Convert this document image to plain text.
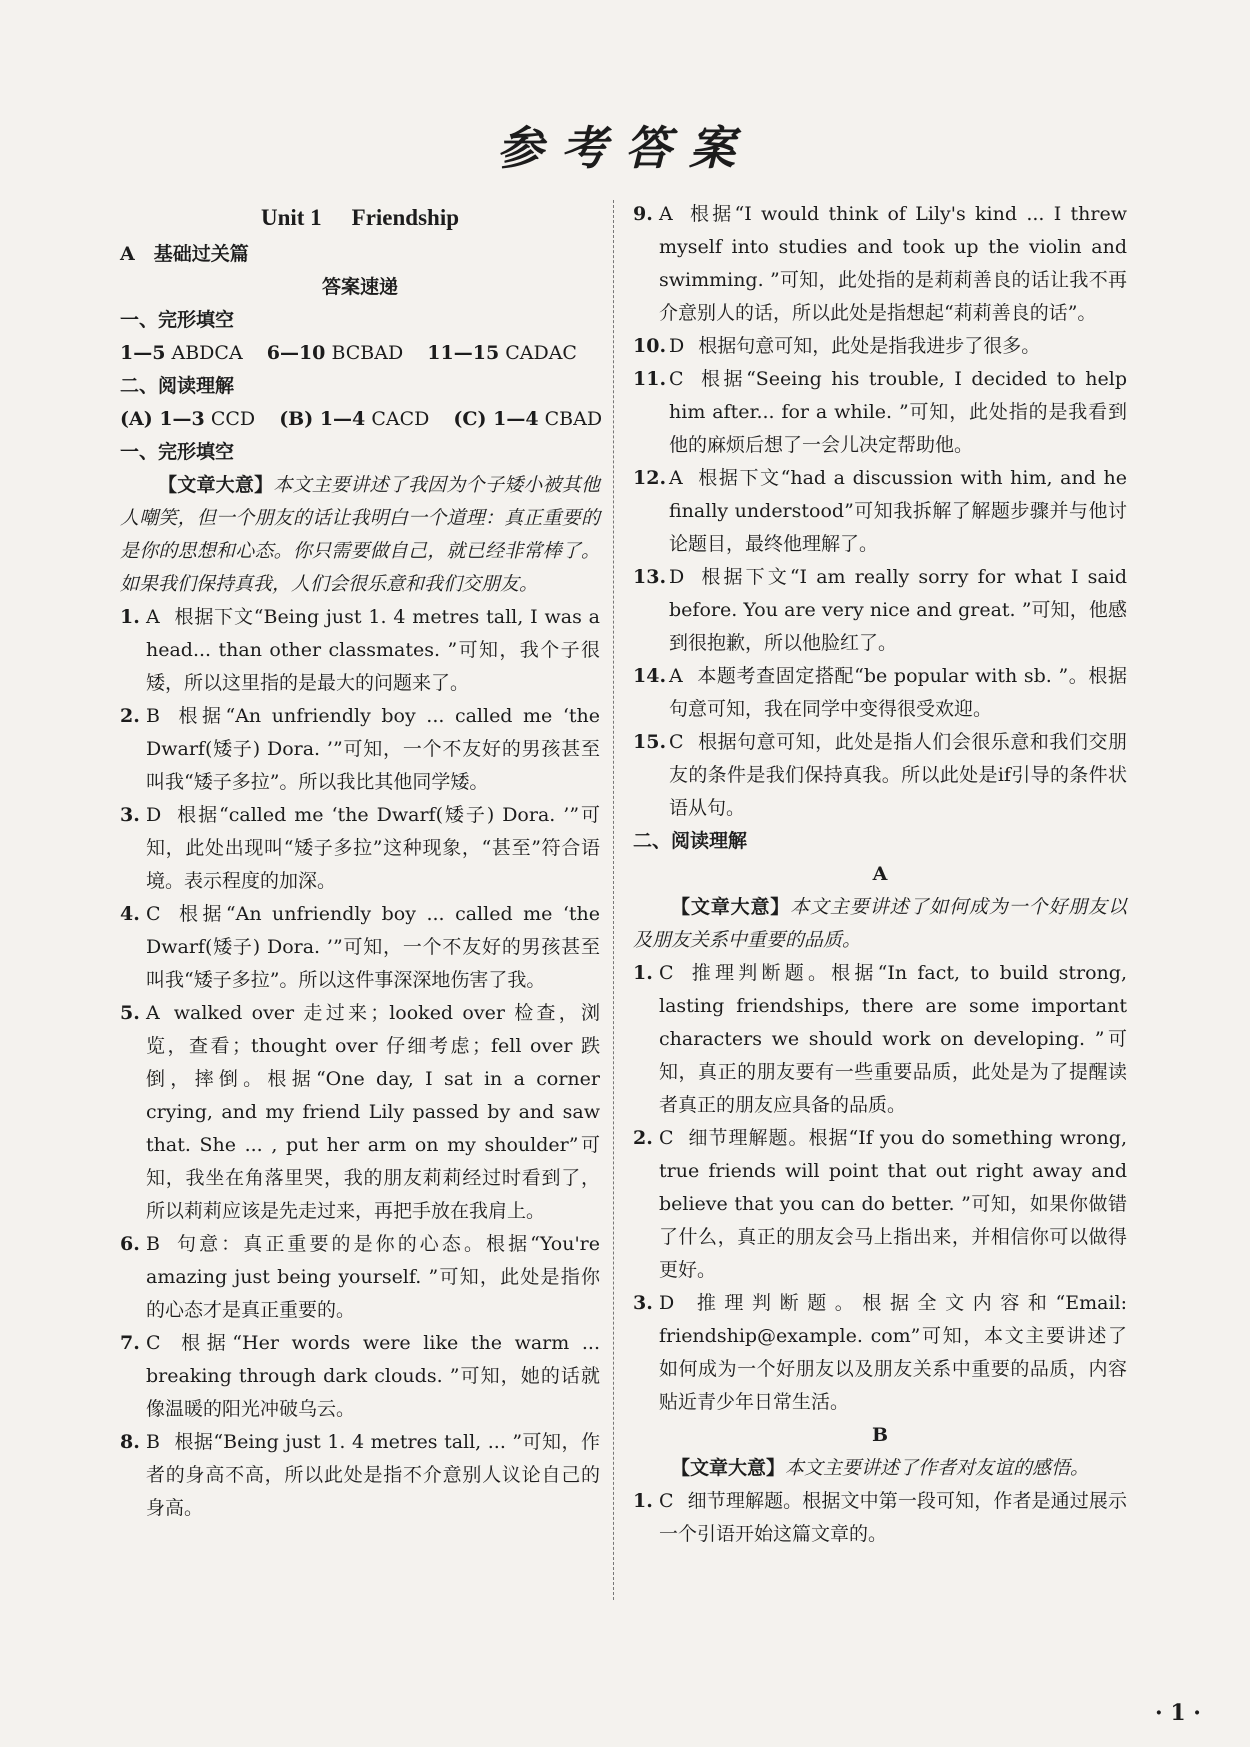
参考答案
Unit 1 Friendship
A　基础过关篇
答案速递
一、完形填空
1—5 ABDCA 6—10 BCBAD 11—15 CADAC
二、阅读理解
(A) 1—3 CCD (B) 1—4 CACD (C) 1—4 CBAD
一、完形填空
【文章大意】本文主要讲述了我因为个子矮小被其他人嘲笑，但一个朋友的话让我明白一个道理：真正重要的是你的思想和心态。你只需要做自己，就已经非常棒了。如果我们保持真我，人们会很乐意和我们交朋友。
1. A 根据下文“Being just 1. 4 metres tall, I was a head... than other classmates. ”可知，我个子很矮，所以这里指的是最大的问题来了。
2. B 根据“An unfriendly boy ... called me ‘the Dwarf(矮子) Dora. ’”可知，一个不友好的男孩甚至叫我“矮子多拉”。所以我比其他同学矮。
3. D 根据“called me ‘the Dwarf(矮子) Dora. ’”可知，此处出现叫“矮子多拉”这种现象，“甚至”符合语境。表示程度的加深。
4. C 根据“An unfriendly boy ... called me ‘the Dwarf(矮子) Dora. ’”可知，一个不友好的男孩甚至叫我“矮子多拉”。所以这件事深深地伤害了我。
5. A walked over 走过来；looked over 检查，浏览，查看；thought over 仔细考虑；fell over 跌倒，摔倒。根据“One day, I sat in a corner crying, and my friend Lily passed by and saw that. She ... , put her arm on my shoulder”可知，我坐在角落里哭，我的朋友莉莉经过时看到了，所以莉莉应该是先走过来，再把手放在我肩上。
6. B 句意：真正重要的是你的心态。根据“You're amazing just being yourself. ”可知，此处是指你的心态才是真正重要的。
7. C 根据“Her words were like the warm ... breaking through dark clouds. ”可知，她的话就像温暖的阳光冲破乌云。
8. B 根据“Being just 1. 4 metres tall, ... ”可知，作者的身高不高，所以此处是指不介意别人议论自己的身高。
9. A 根据“I would think of Lily's kind ... I threw myself into studies and took up the violin and swimming. ”可知，此处指的是莉莉善良的话让我不再介意别人的话，所以此处是指想起“莉莉善良的话”。
10. D 根据句意可知，此处是指我进步了很多。
11. C 根据“Seeing his trouble, I decided to help him after... for a while. ”可知，此处指的是我看到他的麻烦后想了一会儿决定帮助他。
12. A 根据下文“had a discussion with him, and he finally understood”可知我拆解了解题步骤并与他讨论题目，最终他理解了。
13. D 根据下文“I am really sorry for what I said before. You are very nice and great. ”可知，他感到很抱歉，所以他脸红了。
14. A 本题考查固定搭配“be popular with sb. ”。根据句意可知，我在同学中变得很受欢迎。
15. C 根据句意可知，此处是指人们会很乐意和我们交朋友的条件是我们保持真我。所以此处是if引导的条件状语从句。
二、阅读理解
A
【文章大意】本文主要讲述了如何成为一个好朋友以及朋友关系中重要的品质。
1. C 推理判断题。根据“In fact, to build strong, lasting friendships, there are some important characters we should work on developing. ”可知，真正的朋友要有一些重要品质，此处是为了提醒读者真正的朋友应具备的品质。
2. C 细节理解题。根据“If you do something wrong, true friends will point that out right away and believe that you can do better. ”可知，如果你做错了什么，真正的朋友会马上指出来，并相信你可以做得更好。
3. D 推理判断题。根据全文内容和“Email: friendship@example. com”可知，本文主要讲述了如何成为一个好朋友以及朋友关系中重要的品质，内容贴近青少年日常生活。
B
【文章大意】本文主要讲述了作者对友谊的感悟。
1. C 细节理解题。根据文中第一段可知，作者是通过展示一个引语开始这篇文章的。
· 1 ·
